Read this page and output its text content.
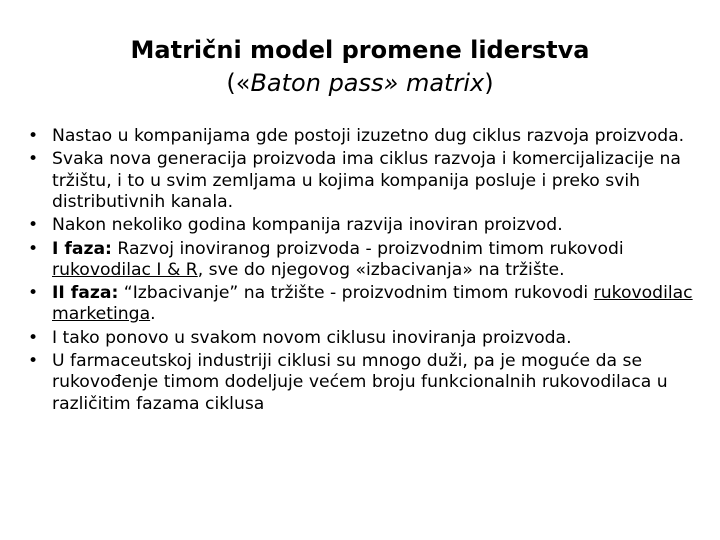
Matrični model promene liderstva
(«Baton pass» matrix)
• Nastao u kompanijama gde postoji izuzetno dug ciklus razvoja proizvoda.
• Svaka nova generacija proizvoda ima ciklus razvoja i komercijalizacije na tržištu, i to u svim zemljama u kojima kompanija posluje i preko svih distributivnih kanala.
• Nakon nekoliko godina kompanija razvija inoviran proizvod.
• I faza: Razvoj inoviranog proizvoda - proizvodnim timom rukovodi rukovodilac I & R, sve do njegovog «izbacivanja» na tržište.
• II faza: “Izbacivanje” na tržište - proizvodnim timom rukovodi rukovodilac marketinga.
• I tako ponovo u svakom novom ciklusu inoviranja proizvoda.
• U farmaceutskoj industriji ciklusi su mnogo duži, pa je moguće da se rukovođenje timom dodeljuje većem broju funkcionalnih rukovodilaca u različitim fazama ciklusa
